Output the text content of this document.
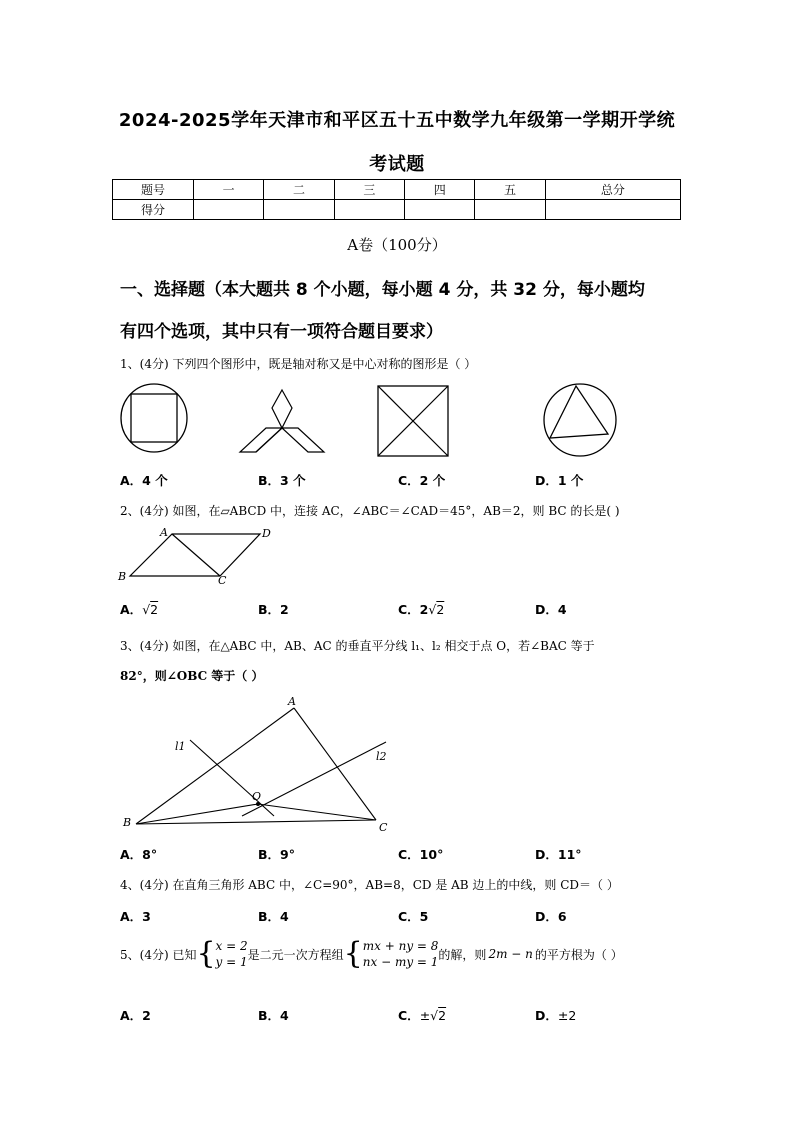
2024-2025学年天津市和平区五十五中数学九年级第一学期开学统
考试题
题号	一	二	三	四	五	总分
得分						
A卷（100分）
一、选择题（本大题共 8 个小题，每小题 4 分，共 32 分，每小题均
有四个选项，其中只有一项符合题目要求）
1、(4分) 下列四个图形中，既是轴对称又是中心对称的图形是（ ）
A．4 个	B．3 个	C．2 个	D．1 个
2、(4分) 如图，在▱ABCD 中，连接 AC，∠ABC＝∠CAD＝45°，AB＝2，则 BC 的长是( )
A	D
B	C
A．√2	B．2	C．2√2	D．4
3、(4分) 如图，在△ABC 中，AB、AC 的垂直平分线 l₁、l₂ 相交于点 O，若∠BAC 等于
82°，则∠OBC 等于（ ）
A
l1
l2
O
B	C
A．8°	B．9°	C．10°	D．11°
4、(4分) 在直角三角形 ABC 中，∠C=90°，AB=8，CD 是 AB 边上的中线，则 CD＝（ ）
A．3	B．4	C．5	D．6
5、(4分) 已知 { x = 2
y = 1
是二元一次方程组 { mx + ny = 8
nx − my = 1
的解，则 2m − n 的平方根为（ ）
A．2	B．4	C．±√2	D．±2
